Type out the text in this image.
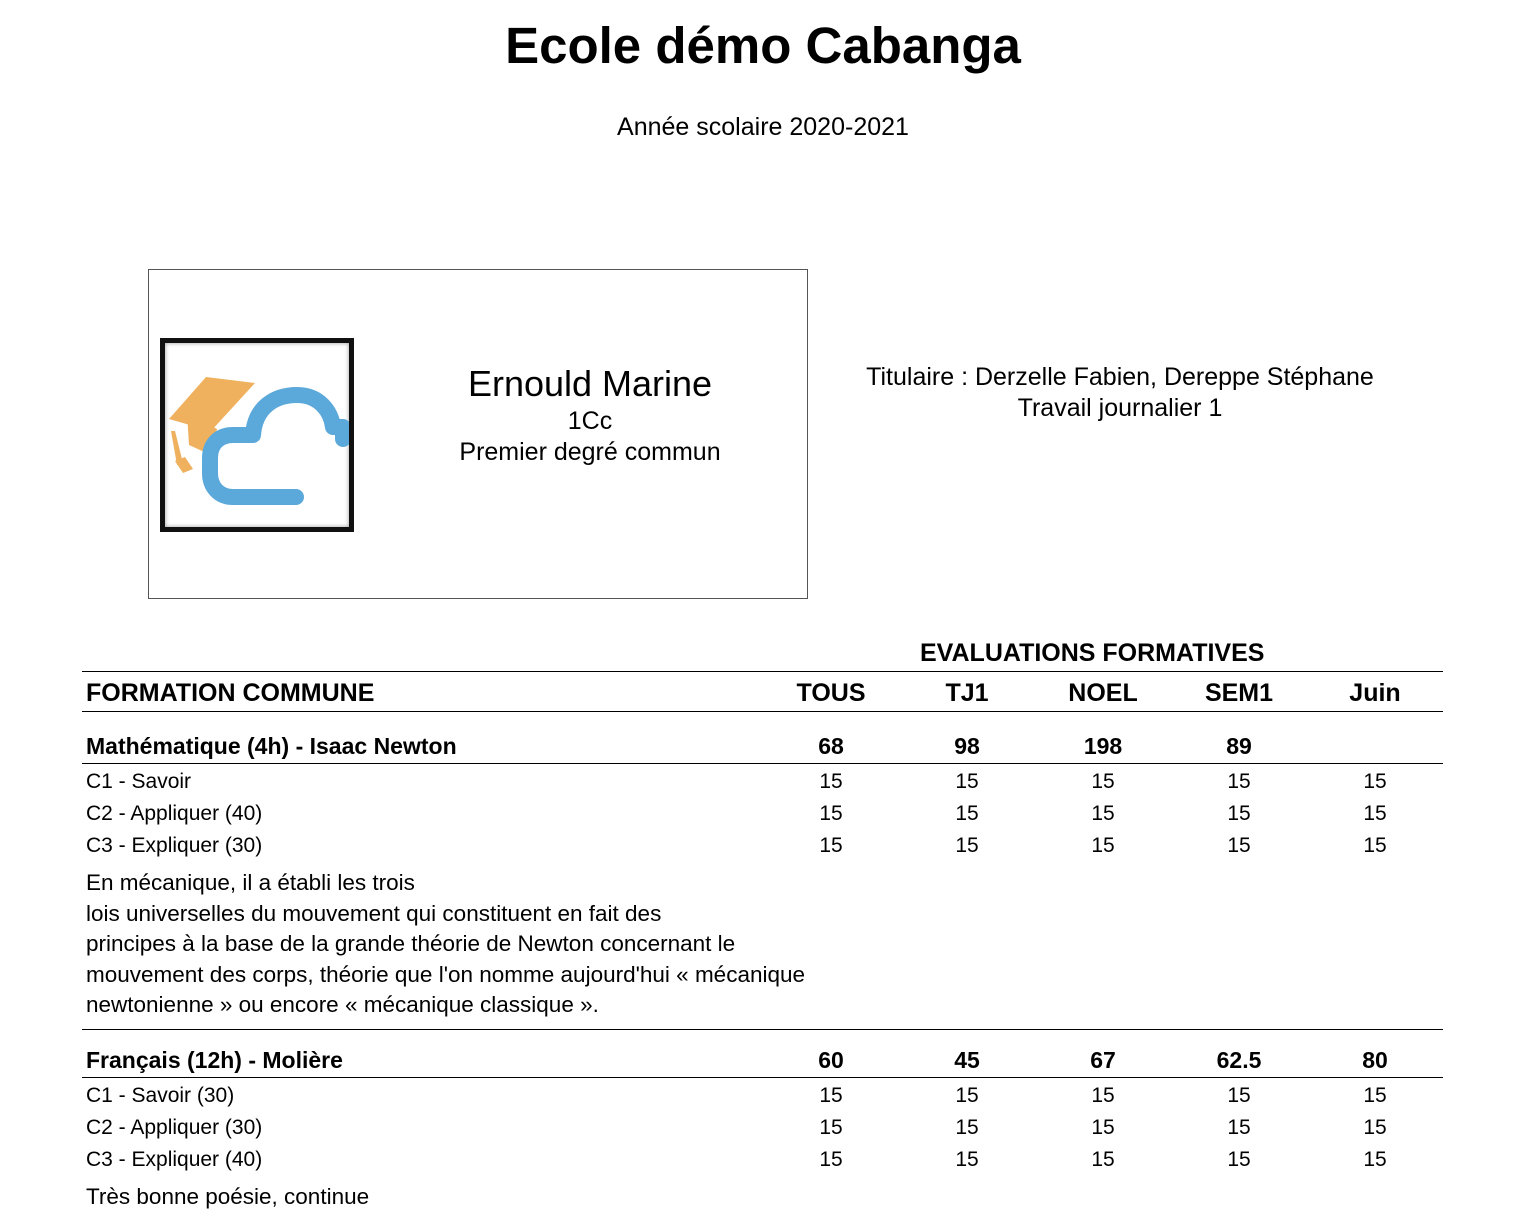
Ecole démo Cabanga
Année scolaire 2020-2021
Ernould Marine
1Cc
Premier degré commun
Titulaire : Derzelle Fabien, Dereppe Stéphane
Travail journalier 1
EVALUATIONS FORMATIVES
FORMATION COMMUNE	TOUS	TJ1	NOEL	SEM1	Juin
Mathématique (4h) - Isaac Newton	68	98	198	89
C1 - Savoir	15	15	15	15	15
C2 - Appliquer (40)	15	15	15	15	15
C3 - Expliquer (30)	15	15	15	15	15
En mécanique, il a établi les trois
lois universelles du mouvement qui constituent en fait des
principes à la base de la grande théorie de Newton concernant le
mouvement des corps, théorie que l'on nomme aujourd'hui « mécanique
newtonienne » ou encore « mécanique classique ».
Français (12h) - Molière	60	45	67	62.5	80
C1 - Savoir (30)	15	15	15	15	15
C2 - Appliquer (30)	15	15	15	15	15
C3 - Expliquer (40)	15	15	15	15	15
Très bonne poésie, continue
